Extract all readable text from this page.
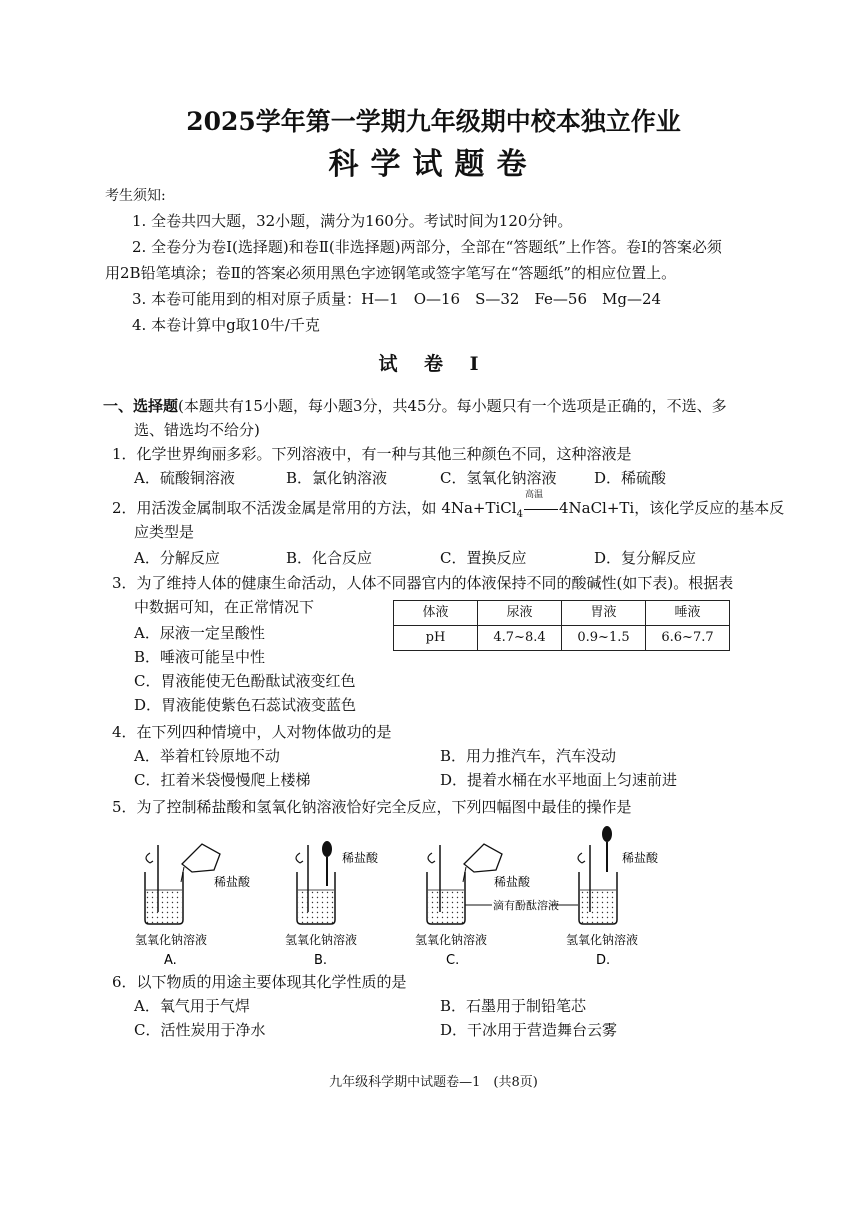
2025学年第一学期九年级期中校本独立作业
科学试题卷
考生须知:
1. 全卷共四大题，32小题，满分为160分。考试时间为120分钟。
2. 全卷分为卷Ⅰ(选择题)和卷Ⅱ(非选择题)两部分，全部在“答题纸”上作答。卷Ⅰ的答案必须
用2B铅笔填涂；卷Ⅱ的答案必须用黑色字迹钢笔或签字笔写在“答题纸”的相应位置上。
3. 本卷可能用到的相对原子质量：H—1　O—16　S—32　Fe—56　Mg—24
4. 本卷计算中g取10牛/千克
试 卷 Ⅰ
一、选择题(本题共有15小题，每小题3分，共45分。每小题只有一个选项是正确的，不选、多
选、错选均不给分)
1．化学世界绚丽多彩。下列溶液中，有一种与其他三种颜色不同，这种溶液是
A．硫酸铜溶液	B．氯化钠溶液	C．氢氧化钠溶液	D．稀硫酸
2．用活泼金属制取不活泼金属是常用的方法，如 4Na+TiCl$_4$
高温
4NaCl+Ti，该化学反应的基本反
应类型是
A．分解反应	B．化合反应	C．置换反应	D．复分解反应
3．为了维持人体的健康生命活动，人体不同器官内的体液保持不同的酸碱性(如下表)。根据表
中数据可知，在正常情况下
A．尿液一定呈酸性
B．唾液可能呈中性
C．胃液能使无色酚酞试液变红色
D．胃液能使紫色石蕊试液变蓝色
体液	尿液	胃液	唾液
pH	4.7~8.4	0.9~1.5	6.6~7.7
4．在下列四种情境中，人对物体做功的是
A．举着杠铃原地不动	B．用力推汽车，汽车没动
C．扛着米袋慢慢爬上楼梯	D．提着水桶在水平地面上匀速前进
5．为了控制稀盐酸和氢氧化钠溶液恰好完全反应，下列四幅图中最佳的操作是
稀盐酸
氢氧化钠溶液
A.
稀盐酸
氢氧化钠溶液
B.
稀盐酸
滴有酚酞溶液
氢氧化钠溶液
C.
稀盐酸
氢氧化钠溶液
D.
6．以下物质的用途主要体现其化学性质的是
A．氧气用于气焊	B．石墨用于制铅笔芯
C．活性炭用于净水	D．干冰用于营造舞台云雾
九年级科学期中试题卷—1　(共8页)
